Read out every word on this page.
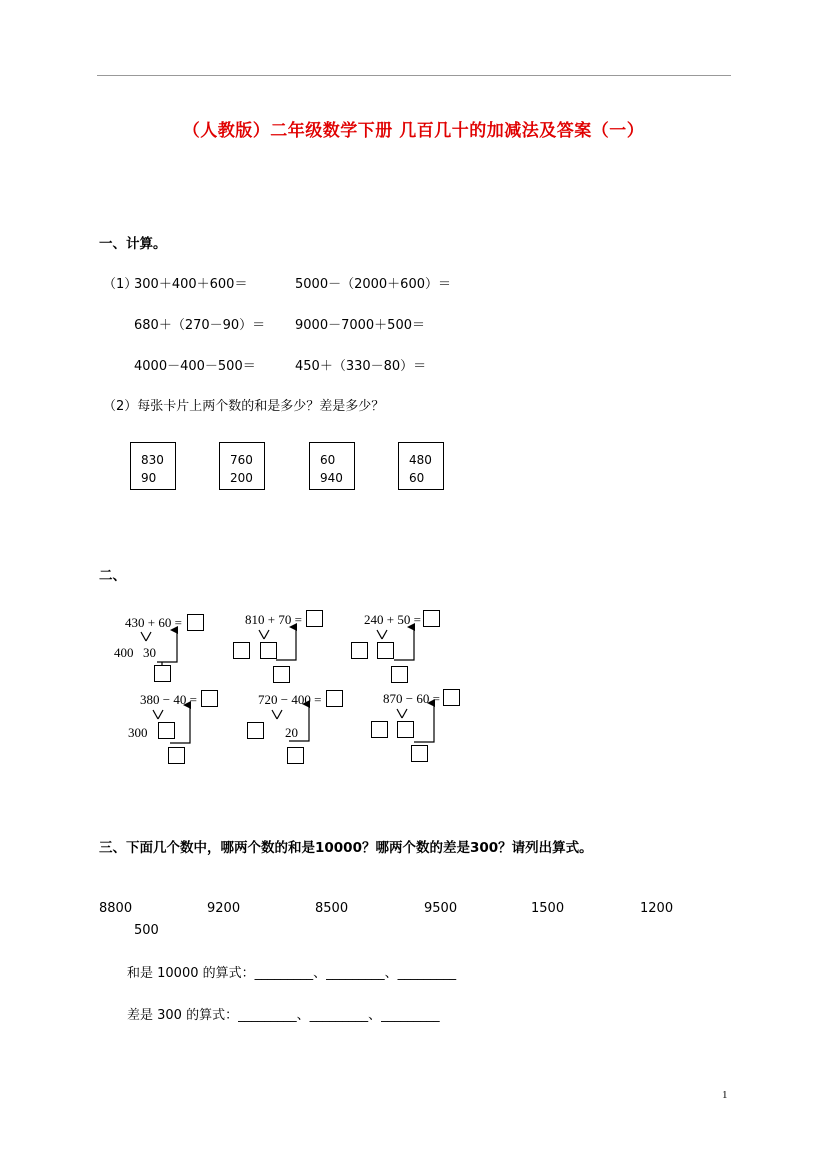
（人教版）二年级数学下册 几百几十的加减法及答案（一）
一、计算。
（1）
300＋400＋600＝	5000－（2000＋600）＝
680＋（270－90）＝ 9000－7000＋500＝
4000－400－500＝	450＋（330－80）＝
（2）每张卡片上两个数的和是多少？差是多少？
830
90
760
200
60
940
480
60
二、
430 + 60 =
400 30
810 + 70 =	240 + 50 =
380 − 40 =
300
720 − 400 =
20
870 − 60 =
三、下面几个数中，哪两个数的和是10000？哪两个数的差是300？请列出算式。
8800	9200	8500	9500	1500	1200
500
和是 10000 的算式：_________、_________、_________
差是 300 的算式：_________、_________、_________
1
